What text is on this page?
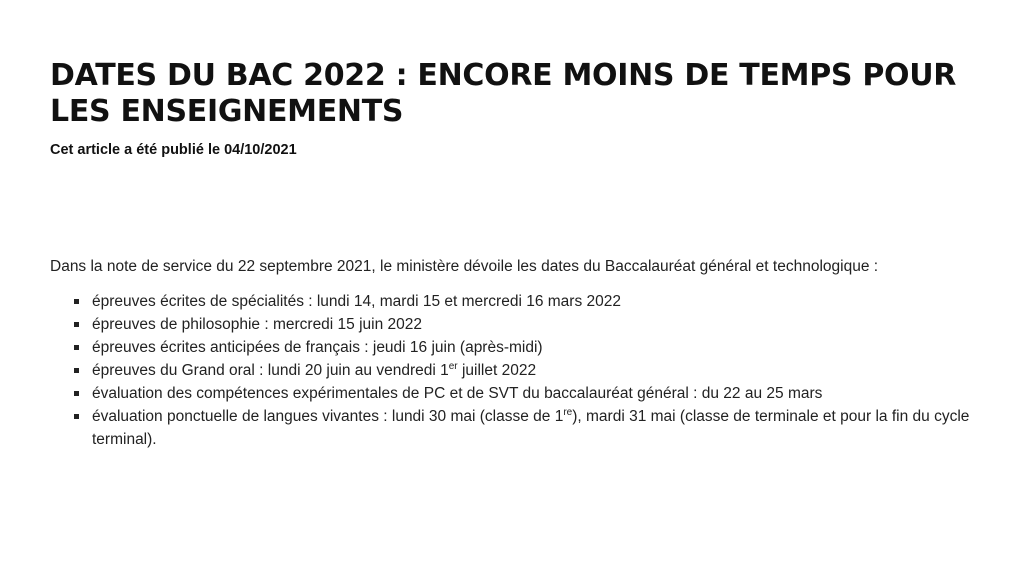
DATES DU BAC 2022 : ENCORE MOINS DE TEMPS POUR LES ENSEIGNEMENTS

Cet article a été publié le 04/10/2021

Dans la note de service du 22 septembre 2021, le ministère dévoile les dates du Baccalauréat général et technologique :

épreuves écrites de spécialités : lundi 14, mardi 15 et mercredi 16 mars 2022
épreuves de philosophie : mercredi 15 juin 2022
épreuves écrites anticipées de français : jeudi 16 juin (après-midi)
épreuves du Grand oral : lundi 20 juin au vendredi 1er juillet 2022
évaluation des compétences expérimentales de PC et de SVT du baccalauréat général : du 22 au 25 mars
évaluation ponctuelle de langues vivantes : lundi 30 mai (classe de 1re), mardi 31 mai (classe de terminale et pour la fin du cycle terminal).
